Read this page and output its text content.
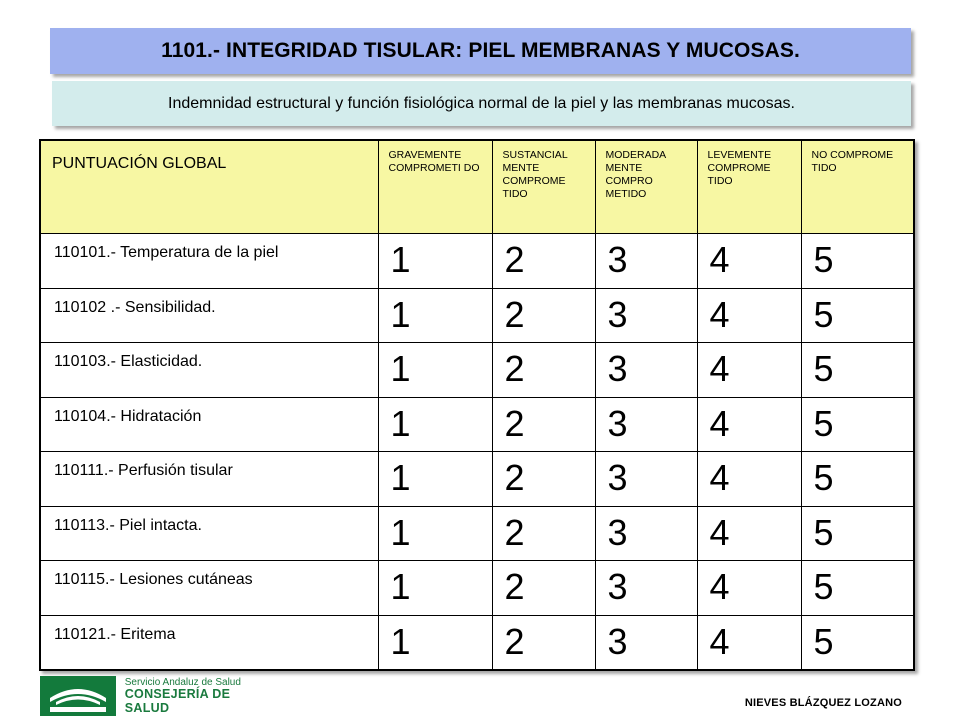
1101.- INTEGRIDAD TISULAR: PIEL MEMBRANAS Y MUCOSAS.
Indemnidad estructural y función fisiológica normal de la piel y las membranas mucosas.
PUNTUACIÓN GLOBAL	GRAVEMENTE COMPROMETI DO	SUSTANCIAL MENTE COMPROME TIDO	MODERADA MENTE COMPRO METIDO	LEVEMENTE COMPROME TIDO	NO COMPROME TIDO
110101.- Temperatura de la piel	1	2	3	4	5
110102 .- Sensibilidad.	1	2	3	4	5
110103.- Elasticidad.	1	2	3	4	5
110104.- Hidratación	1	2	3	4	5
110111.- Perfusión tisular	1	2	3	4	5
110113.- Piel intacta.	1	2	3	4	5
110115.- Lesiones cutáneas	1	2	3	4	5
110121.- Eritema	1	2	3	4	5
Servicio Andaluz de Salud
CONSEJERÍA DE SALUD	NIEVES BLÁZQUEZ LOZANO
